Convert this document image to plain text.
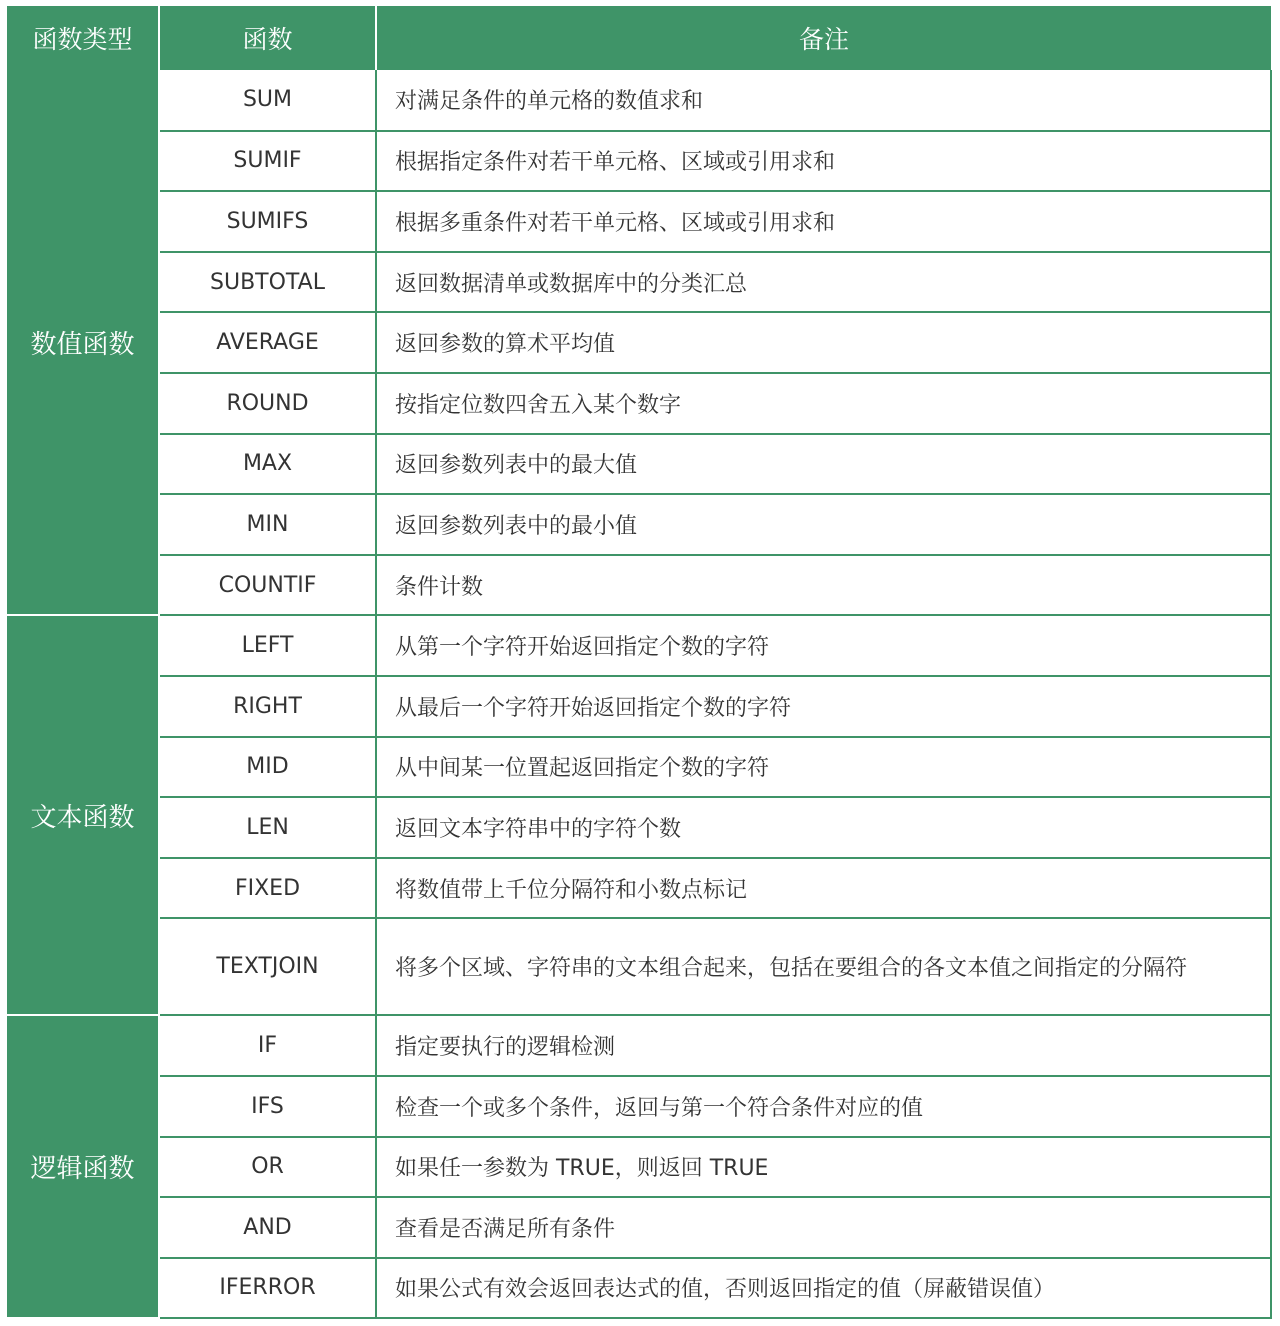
函数类型	函数	备注
数值函数	SUM	对满足条件的单元格的数值求和
	SUMIF	根据指定条件对若干单元格、区域或引用求和
	SUMIFS	根据多重条件对若干单元格、区域或引用求和
	SUBTOTAL	返回数据清单或数据库中的分类汇总
	AVERAGE	返回参数的算术平均值
	ROUND	按指定位数四舍五入某个数字
	MAX	返回参数列表中的最大值
	MIN	返回参数列表中的最小值
	COUNTIF	条件计数
文本函数	LEFT	从第一个字符开始返回指定个数的字符
	RIGHT	从最后一个字符开始返回指定个数的字符
	MID	从中间某一位置起返回指定个数的字符
	LEN	返回文本字符串中的字符个数
	FIXED	将数值带上千位分隔符和小数点标记
	TEXTJOIN	将多个区域、字符串的文本组合起来，包括在要组合的各文本值之间指定的分隔符
逻辑函数	IF	指定要执行的逻辑检测
	IFS	检查一个或多个条件，返回与第一个符合条件对应的值
	OR	如果任一参数为 TRUE，则返回 TRUE
	AND	查看是否满足所有条件
	IFERROR	如果公式有效会返回表达式的值，否则返回指定的值（屏蔽错误值）
